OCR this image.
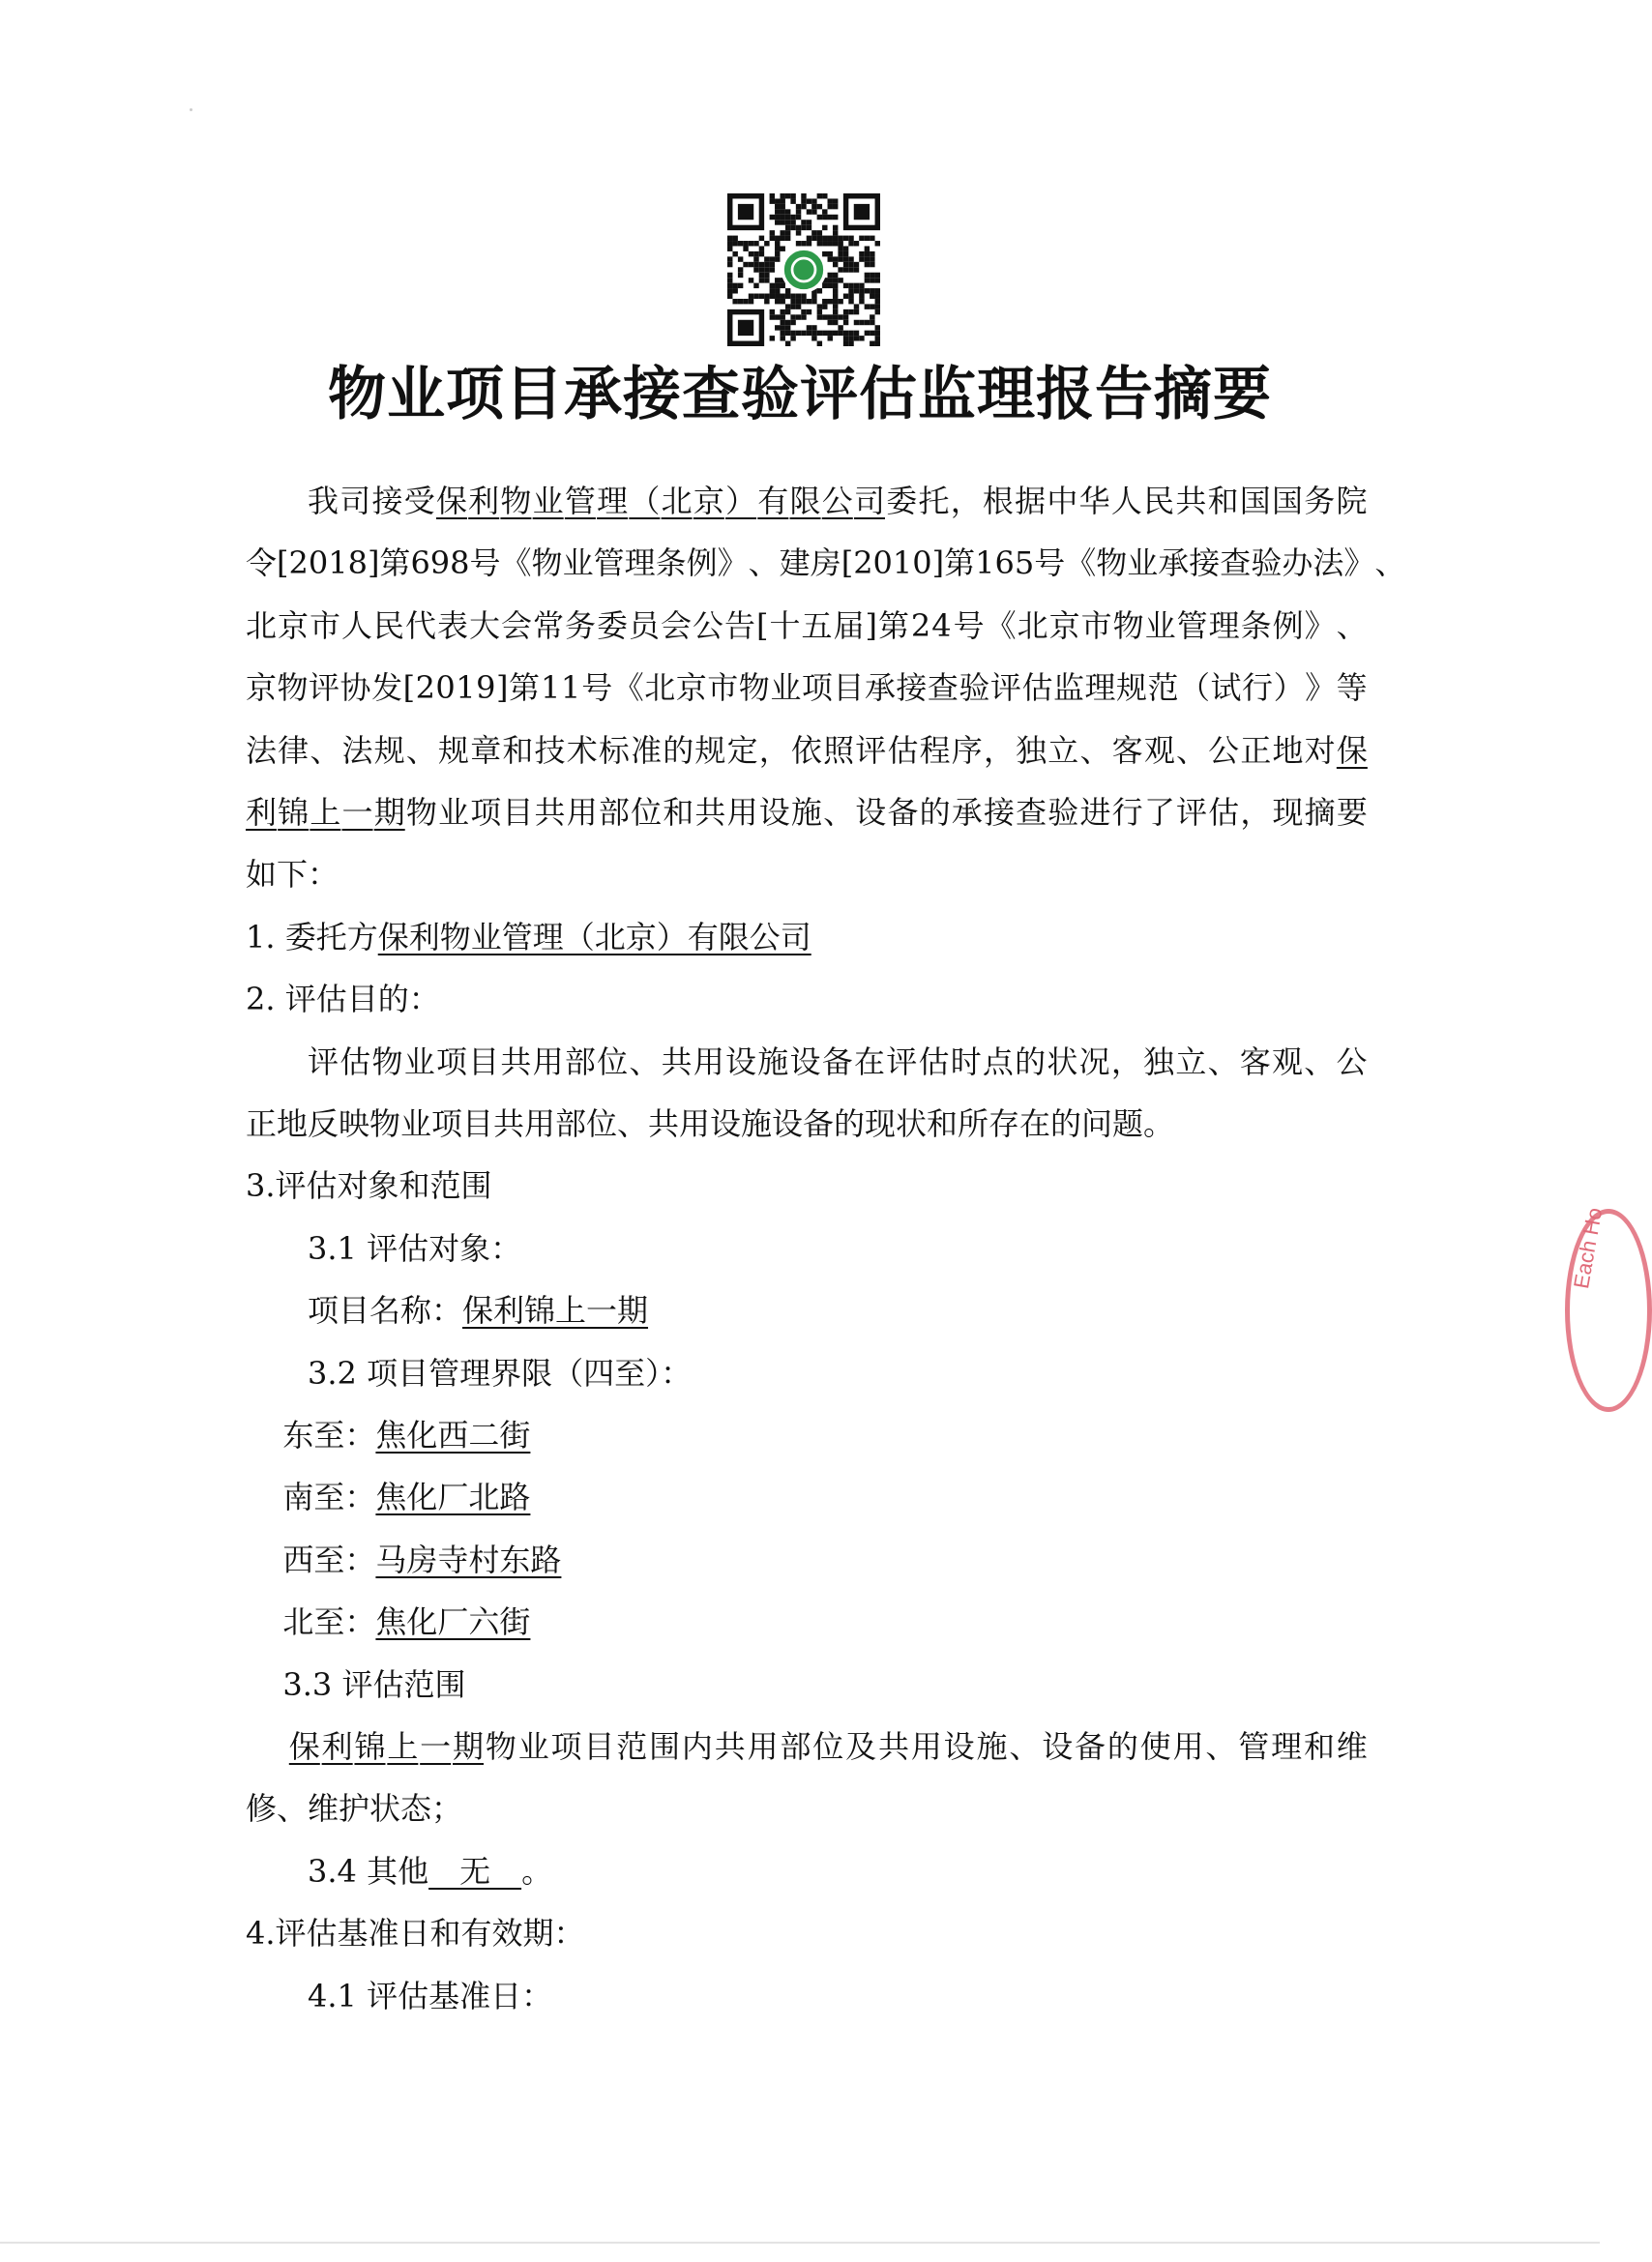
物业项目承接查验评估监理报告摘要
我 司 接 受 保 利 物 业 管 理 （ 北 京 ） 有 限 公 司 委 托 ， 根 据 中 华 人 民 共 和 国 国 务 院
令 [ 2 0 1 8 ] 第 6 9 8 号 《 物 业 管 理 条 例 》 、 建 房 [ 2 0 1 0 ] 第 1 6 5 号 《 物 业 承 接 查 验 办 法 》 、
北 京 市 人 民 代 表 大 会 常 务 委 员 会 公 告 [ 十 五 届 ] 第 2 4 号 《 北 京 市 物 业 管 理 条 例 》 、
京 物 评 协 发 [ 2 0 1 9 ] 第 1 1 号 《 北 京 市 物 业 项 目 承 接 查 验 评 估 监 理 规 范 （ 试 行 ） 》 等
法 律 、 法 规 、 规 章 和 技 术 标 准 的 规 定 ， 依 照 评 估 程 序 ， 独 立 、 客 观 、 公 正 地 对 保
利 锦 上 一 期 物 业 项 目 共 用 部 位 和 共 用 设 施 、 设 备 的 承 接 查 验 进 行 了 评 估 ， 现 摘 要
如下：
1. 委托方 保利物业管理（北京）有限公司
2. 评估目的：
评 估 物 业 项 目 共 用 部 位 、 共 用 设 施 设 备 在 评 估 时 点 的 状 况 ， 独 立 、 客 观 、 公
正地反映物业项目共用部位、共用设施设备的现状和所存在的问题。
3.评估对象和范围
3.1 评估对象：
项目名称： 保利锦上一期
3.2 项目管理界限（四至）：
东至： 焦化西二街
南至： 焦化厂北路
西至： 马房寺村东路
北至： 焦化厂六街
3.3 评估范围
保 利 锦 上 一 期 物 业 项 目 范 围 内 共 用 部 位 及 共 用 设 施 、 设 备 的 使 用 、 管 理 和 维
修、维护状态；
3.4 其他 　无　 。
4.评估基准日和有效期：
4.1 评估基准日：
Each Ho
